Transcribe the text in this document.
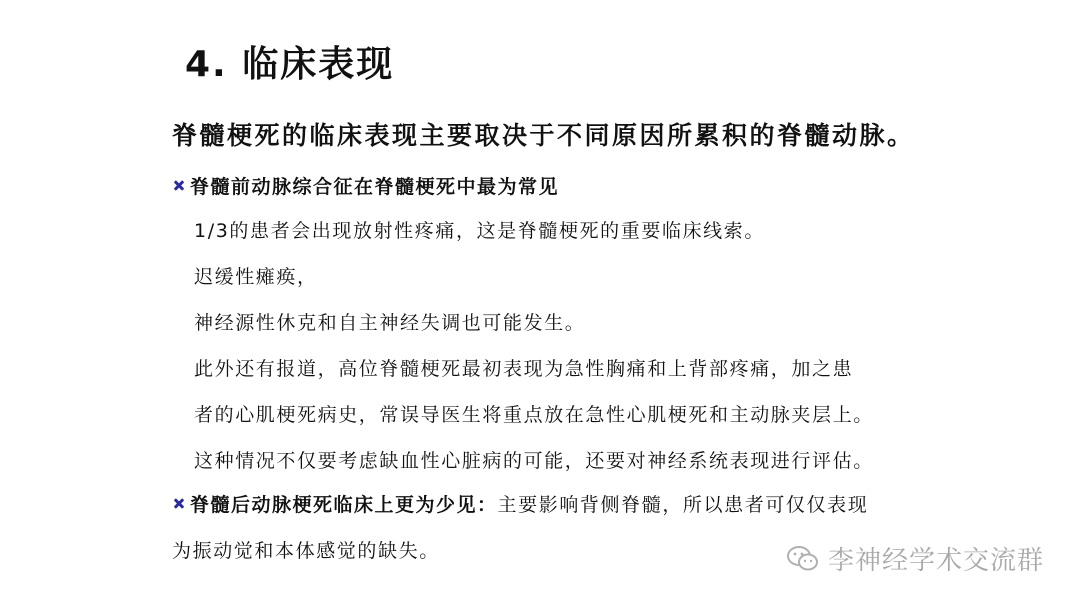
4. 临床表现
脊髓梗死的临床表现主要取决于不同原因所累积的脊髓动脉。
脊髓前动脉综合征在脊髓梗死中最为常见
1/3的患者会出现放射性疼痛，这是脊髓梗死的重要临床线索。
迟缓性瘫痪，
神经源性休克和自主神经失调也可能发生。
此外还有报道，高位脊髓梗死最初表现为急性胸痛和上背部疼痛，加之患
者的心肌梗死病史，常误导医生将重点放在急性心肌梗死和主动脉夹层上。
这种情况不仅要考虑缺血性心脏病的可能，还要对神经系统表现进行评估。
脊髓后动脉梗死临床上更为少见： 主要影响背侧脊髓，所以患者可仅仅表现
为振动觉和本体感觉的缺失。	李神经学术交流群
